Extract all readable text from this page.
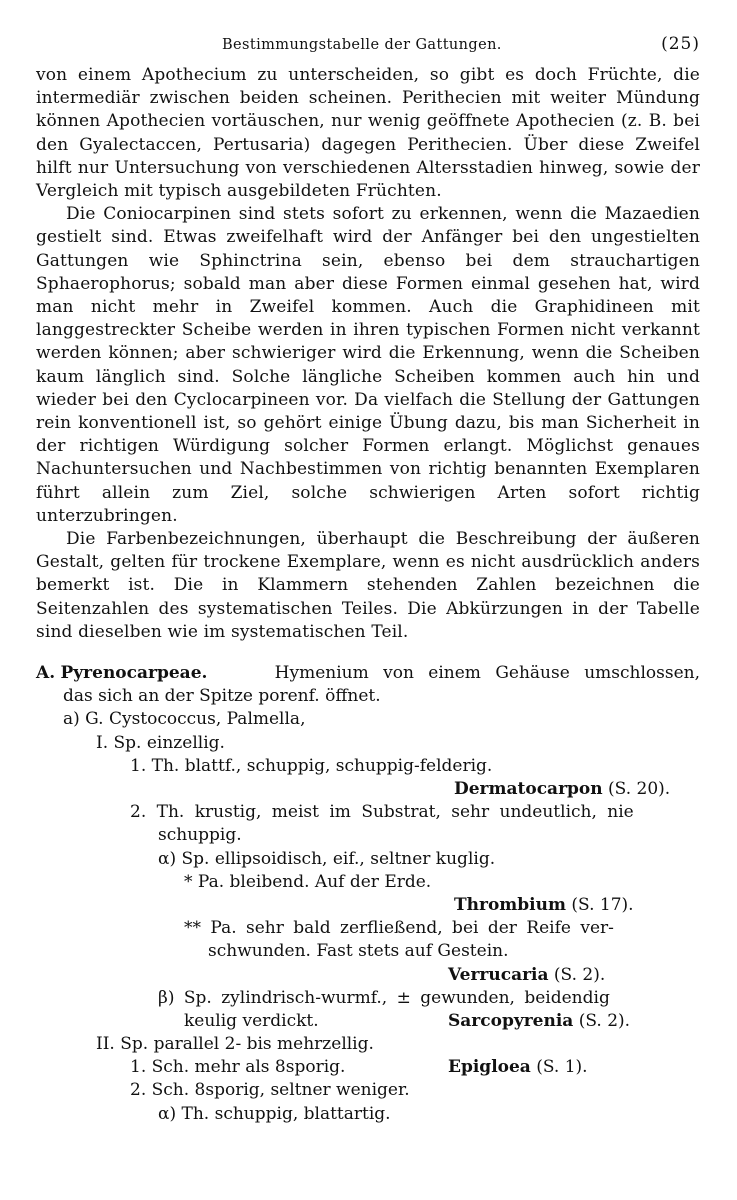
Bestimmungstabelle der Gattungen.	(25)

von einem Apothecium zu unterscheiden, so gibt es doch Früchte, die intermediär zwischen beiden scheinen. Perithecien mit weiter Mündung können Apothecien vortäuschen, nur wenig geöffnete Apothecien (z. B. bei den Gyalectaccen, Pertusaria) dagegen Perithecien. Über diese Zweifel hilft nur Untersuchung von verschiedenen Altersstadien hinweg, sowie der Vergleich mit typisch ausgebildeten Früchten.

Die Coniocarpinen sind stets sofort zu erkennen, wenn die Mazaedien gestielt sind. Etwas zweifelhaft wird der Anfänger bei den ungestielten Gattungen wie Sphinctrina sein, ebenso bei dem strauchartigen Sphaerophorus; sobald man aber diese Formen einmal gesehen hat, wird man nicht mehr in Zweifel kommen. Auch die Graphidineen mit langgestreckter Scheibe werden in ihren typischen Formen nicht verkannt werden können; aber schwieriger wird die Erkennung, wenn die Scheiben kaum länglich sind. Solche längliche Scheiben kommen auch hin und wieder bei den Cyclocarpineen vor. Da vielfach die Stellung der Gattungen rein konventionell ist, so gehört einige Übung dazu, bis man Sicherheit in der richtigen Würdigung solcher Formen erlangt. Möglichst genaues Nachuntersuchen und Nachbestimmen von richtig benannten Exemplaren führt allein zum Ziel, solche schwierigen Arten sofort richtig unterzubringen.

Die Farbenbezeichnungen, überhaupt die Beschreibung der äußeren Gestalt, gelten für trockene Exemplare, wenn es nicht ausdrücklich anders bemerkt ist. Die in Klammern stehenden Zahlen bezeichnen die Seitenzahlen des systematischen Teiles. Die Abkürzungen in der Tabelle sind dieselben wie im systematischen Teil.

A. Pyrenocarpeae.	Hymenium von einem Gehäuse umschlossen,
das sich an der Spitze porenf. öffnet.
a) G. Cystococcus, Palmella,
I. Sp. einzellig.
1. Th. blattf., schuppig, schuppig-felderig.
Dermatocarpon (S. 20).
2. Th. krustig, meist im Substrat, sehr undeutlich, nie
schuppig.
α) Sp. ellipsoidisch, eif., seltner kuglig.
* Pa. bleibend. Auf der Erde.
Thrombium (S. 17).
** Pa. sehr bald zerfließend, bei der Reife ver-
schwunden. Fast stets auf Gestein.
Verrucaria (S. 2).
β) Sp. zylindrisch-wurmf., ± gewunden, beidendig
keulig verdickt.	Sarcopyrenia (S. 2).
II. Sp. parallel 2- bis mehrzellig.
1. Sch. mehr als 8sporig.	Epigloea (S. 1).
2. Sch. 8sporig, seltner weniger.
α) Th. schuppig, blattartig.
